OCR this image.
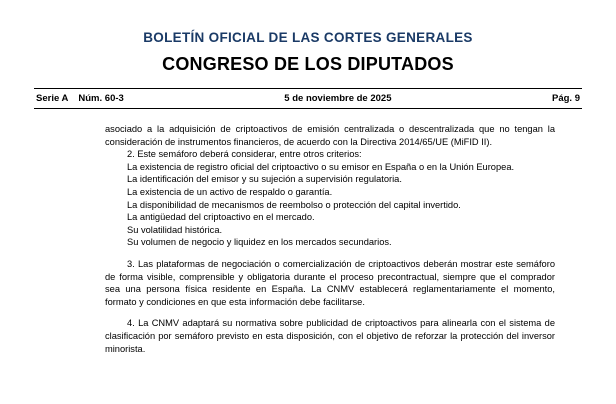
BOLETÍN OFICIAL DE LAS CORTES GENERALES
CONGRESO DE LOS DIPUTADOS
Serie A Núm. 60-3	5 de noviembre de 2025	Pág. 9

asociado a la adquisición de criptoactivos de emisión centralizada o descentralizada que no tengan la consideración de instrumentos financieros, de acuerdo con la Directiva 2014/65/UE (MiFID II).

2. Este semáforo deberá considerar, entre otros criterios:

La existencia de registro oficial del criptoactivo o su emisor en España o en la Unión Europea.

La identificación del emisor y su sujeción a supervisión regulatoria.

La existencia de un activo de respaldo o garantía.

La disponibilidad de mecanismos de reembolso o protección del capital invertido.

La antigüedad del criptoactivo en el mercado.

Su volatilidad histórica.

Su volumen de negocio y liquidez en los mercados secundarios.

3. Las plataformas de negociación o comercialización de criptoactivos deberán mostrar este semáforo de forma visible, comprensible y obligatoria durante el proceso precontractual, siempre que el comprador sea una persona física residente en España. La CNMV establecerá reglamentariamente el momento, formato y condiciones en que esta información debe facilitarse.

4. La CNMV adaptará su normativa sobre publicidad de criptoactivos para alinearla con el sistema de clasificación por semáforo previsto en esta disposición, con el objetivo de reforzar la protección del inversor minorista.
